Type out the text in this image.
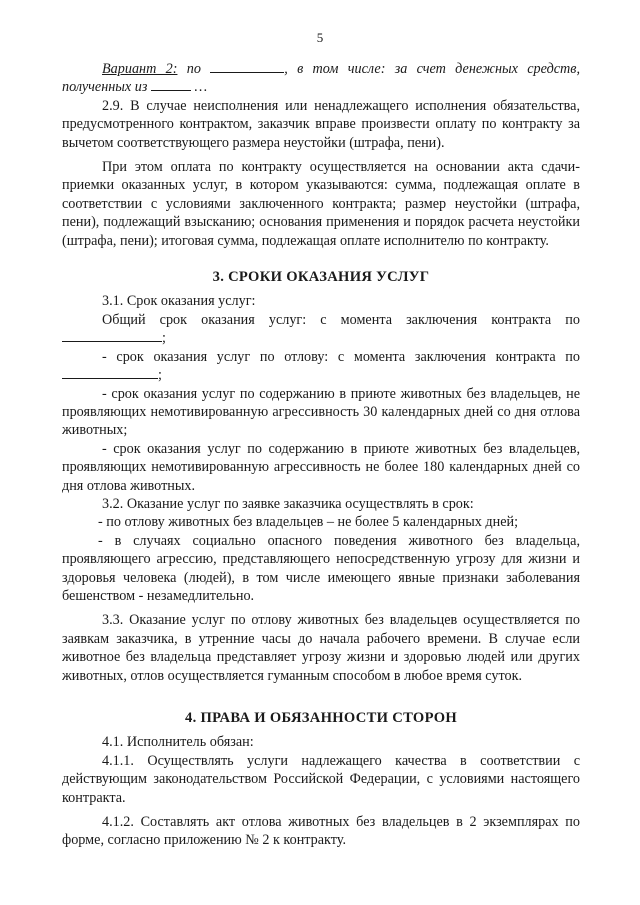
5

Вариант 2: по	, в том числе: за счет денежных средств, полученных из	…

2.9. В случае неисполнения или ненадлежащего исполнения обязательства, предусмотренного контрактом, заказчик вправе произвести оплату по контракту за вычетом соответствующего размера неустойки (штрафа, пени).

При этом оплата по контракту осуществляется на основании акта сдачи-приемки оказанных услуг, в котором указываются: сумма, подлежащая оплате в соответствии с условиями заключенного контракта; размер неустойки (штрафа, пени), подлежащий взысканию; основания применения и порядок расчета неустойки (штрафа, пени); итоговая сумма, подлежащая оплате исполнителю по контракту.

3. СРОКИ ОКАЗАНИЯ УСЛУГ

3.1. Срок оказания услуг:

Общий срок оказания услуг: с момента заключения контракта по ;

- срок оказания услуг по отлову: с момента заключения контракта по ;

- срок оказания услуг по содержанию в приюте животных без владельцев, не проявляющих немотивированную агрессивность 30 календарных дней со дня отлова животных;

- срок оказания услуг по содержанию в приюте животных без владельцев, проявляющих немотивированную агрессивность не более 180 календарных дней со дня отлова животных.

3.2. Оказание услуг по заявке заказчика осуществлять в срок:

- по отлову животных без владельцев – не более 5 календарных дней;

- в случаях социально опасного поведения животного без владельца, проявляющего агрессию, представляющего непосредственную угрозу для жизни и здоровья человека (людей), в том числе имеющего явные признаки заболевания бешенством - незамедлительно.

3.3. Оказание услуг по отлову животных без владельцев осуществляется по заявкам заказчика, в утренние часы до начала рабочего времени. В случае если животное без владельца представляет угрозу жизни и здоровью людей или других животных, отлов осуществляется гуманным способом в любое время суток.

4. ПРАВА И ОБЯЗАННОСТИ СТОРОН

4.1. Исполнитель обязан:

4.1.1. Осуществлять услуги надлежащего качества в соответствии с действующим законодательством Российской Федерации, с условиями настоящего контракта.

4.1.2. Составлять акт отлова животных без владельцев в 2 экземплярах по форме, согласно приложению № 2 к контракту.
